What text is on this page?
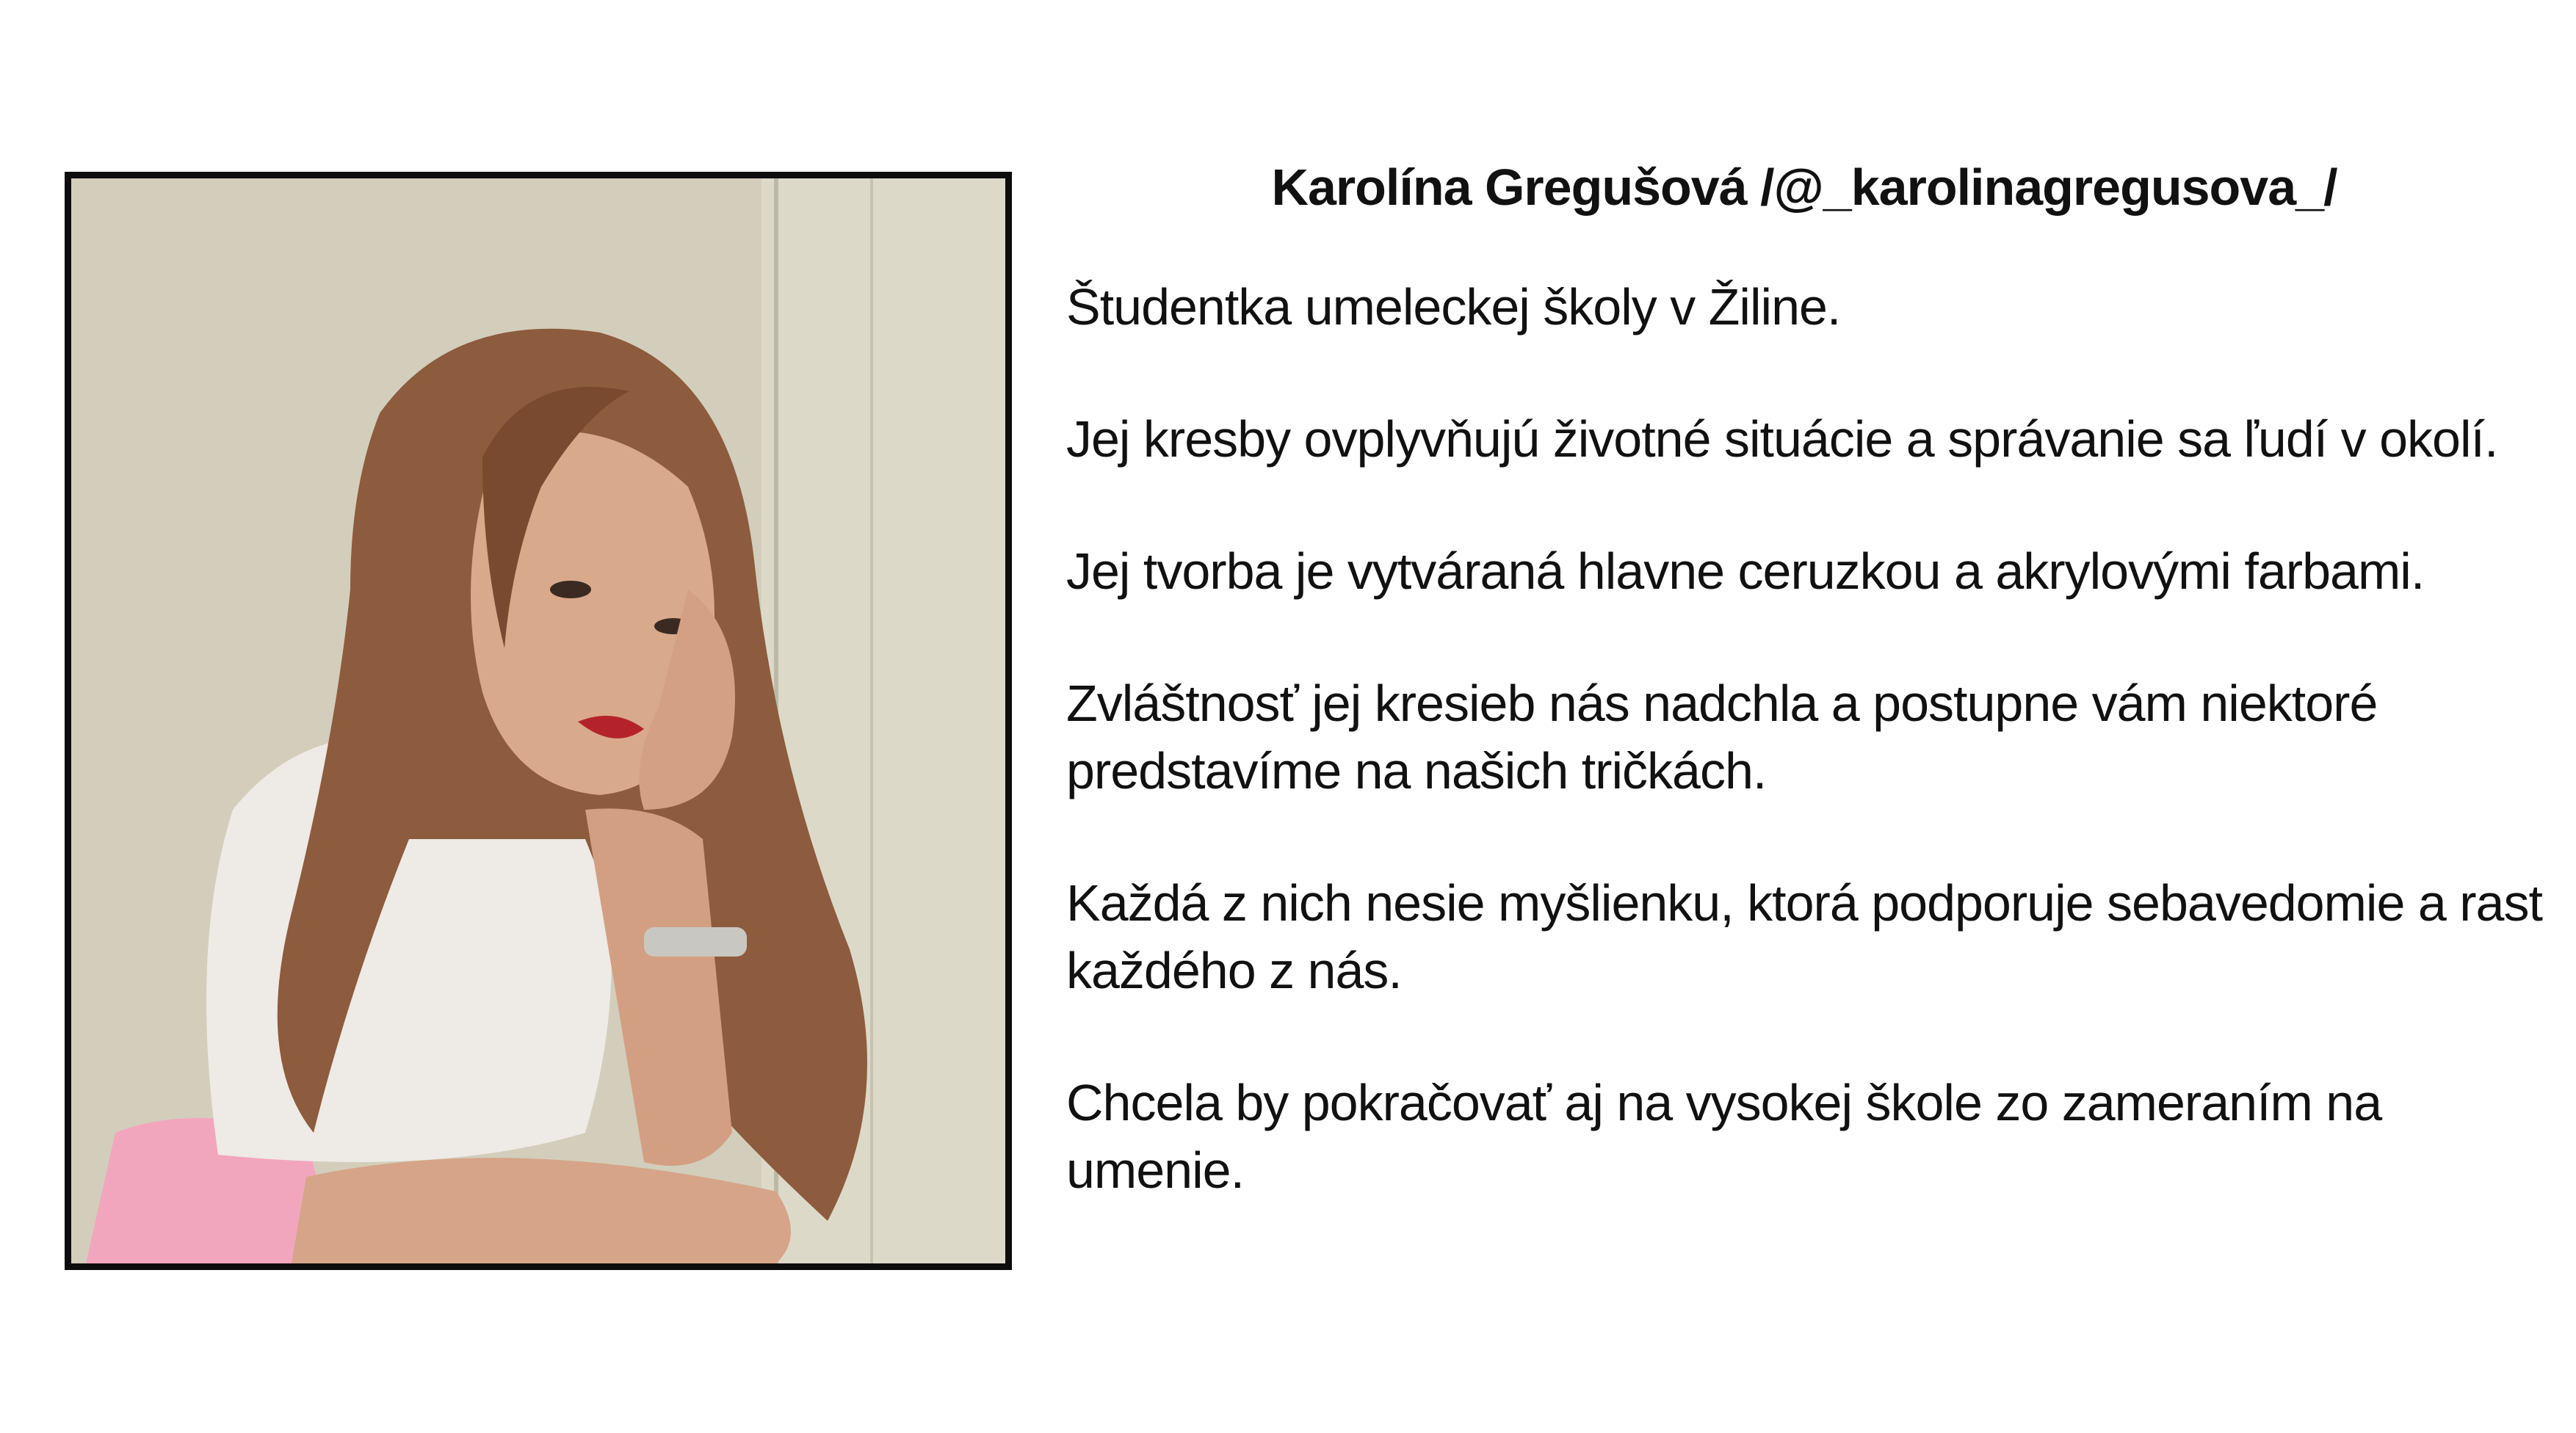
Karolína Gregušová /@_karolinagregusova_/

Študentka umeleckej školy v Žiline.

Jej kresby ovplyvňujú životné situácie a správanie sa ľudí v okolí.

Jej tvorba je vytváraná hlavne ceruzkou a akrylovými farbami.

Zvláštnosť jej kresieb nás nadchla a postupne vám niektoré predstavíme na našich tričkách.

Každá z nich nesie myšlienku, ktorá podporuje sebavedomie a rast každého z nás.

Chcela by pokračovať aj na vysokej škole zo zameraním na umenie.
